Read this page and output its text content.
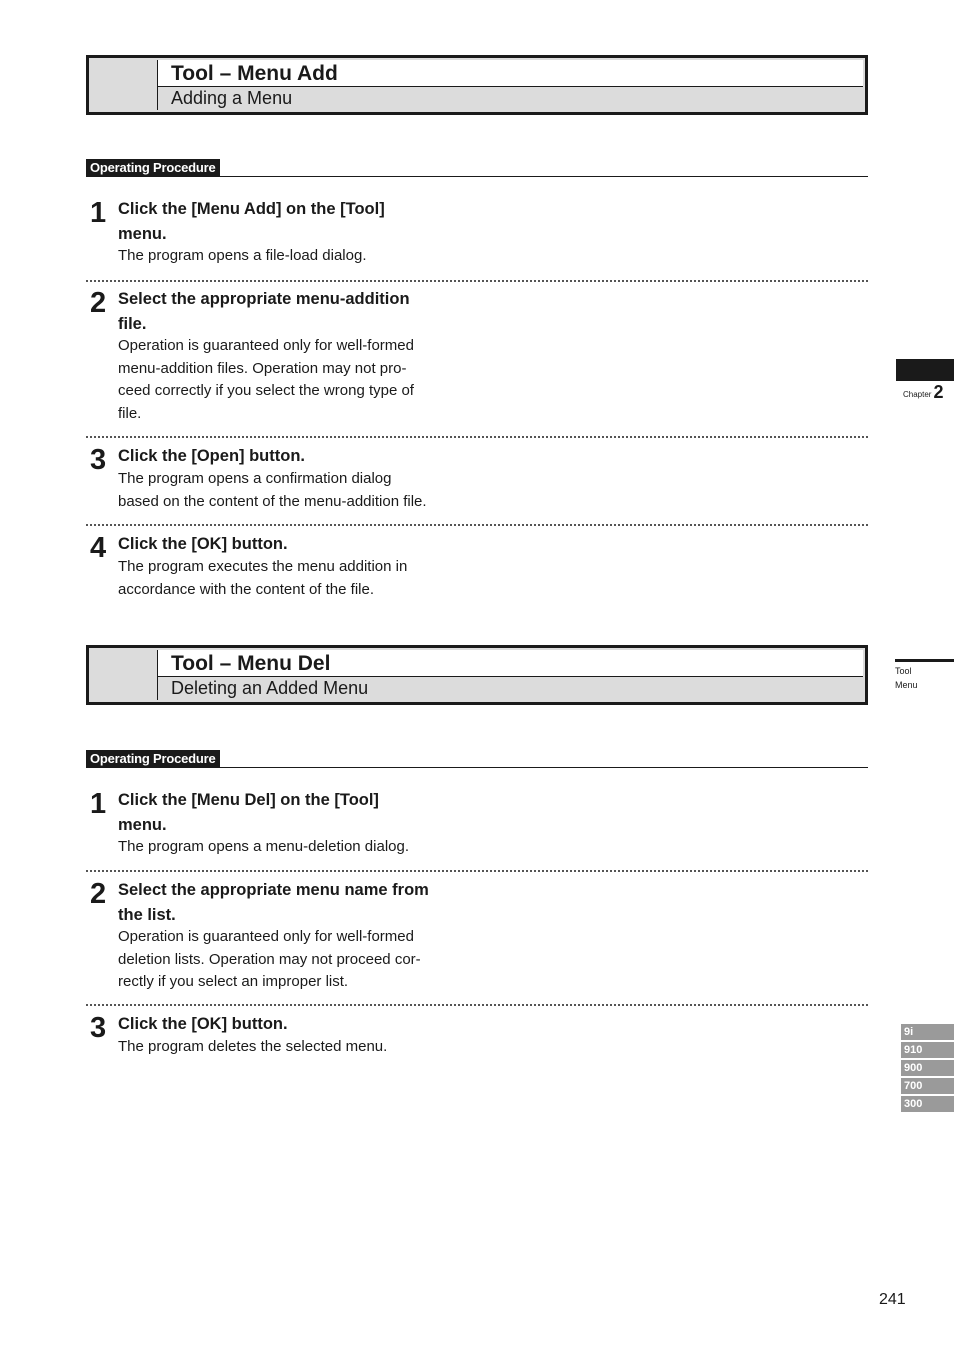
Tool – Menu Add
Adding a Menu
Operating Procedure
1 Click the [Menu Add] on the [Tool]
menu.
The program opens a file-load dialog.
2 Select the appropriate menu-addition
file.
Operation is guaranteed only for well-formed
menu-addition files. Operation may not pro-
ceed correctly if you select the wrong type of
file.
3 Click the [Open] button.
The program opens a confirmation dialog
based on the content of the menu-addition file.
4 Click the [OK] button.
The program executes the menu addition in
accordance with the content of the file.
Tool – Menu Del
Deleting an Added Menu
Operating Procedure
1 Click the [Menu Del] on the [Tool]
menu.
The program opens a menu-deletion dialog.
2 Select the appropriate menu name from
the list.
Operation is guaranteed only for well-formed
deletion lists. Operation may not proceed cor-
rectly if you select an improper list.
3 Click the [OK] button.
The program deletes the selected menu.
Chapter 2
Tool
Menu
9i
910
900
700
300
241
